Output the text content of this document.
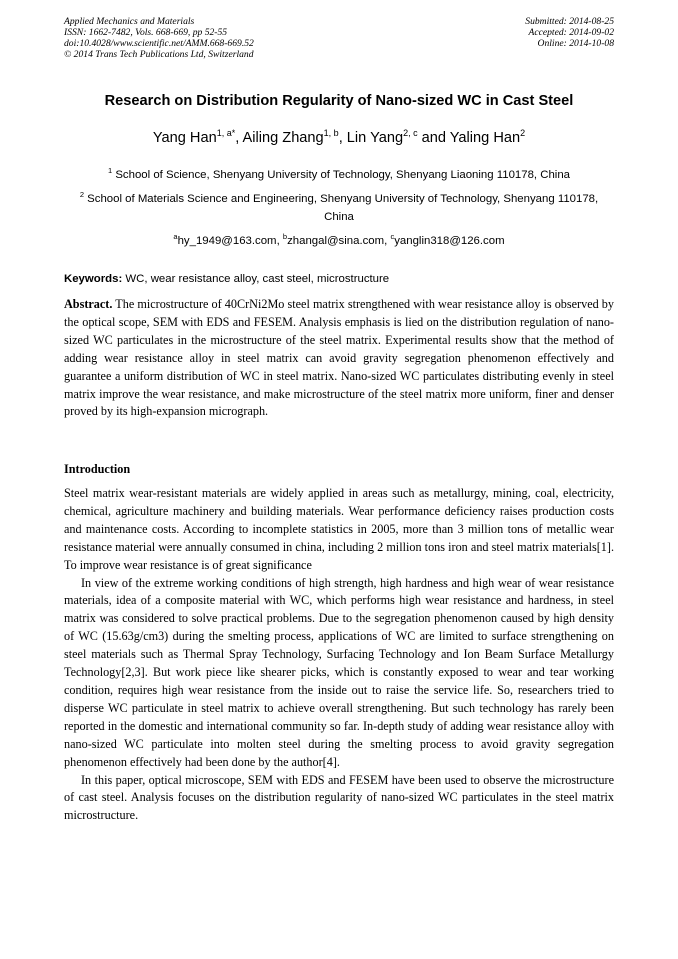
Applied Mechanics and Materials
ISSN: 1662-7482, Vols. 668-669, pp 52-55
doi:10.4028/www.scientific.net/AMM.668-669.52
© 2014 Trans Tech Publications Ltd, Switzerland
Submitted: 2014-08-25
Accepted: 2014-09-02
Online: 2014-10-08
Research on Distribution Regularity of Nano-sized WC in Cast Steel
Yang Han$^{1, a*}$, Ailing Zhang$^{1, b}$, Lin Yang$^{2, c}$ and Yaling Han$^2$
$^1$ School of Science, Shenyang University of Technology, Shenyang Liaoning 110178, China
$^2$ School of Materials Science and Engineering, Shenyang University of Technology, Shenyang 110178, China
$^a$hy_1949@163.com, $^b$zhangal@sina.com, $^c$yanglin318@126.com
Keywords: WC, wear resistance alloy, cast steel, microstructure
Abstract. The microstructure of 40CrNi2Mo steel matrix strengthened with wear resistance alloy is observed by the optical scope, SEM with EDS and FESEM. Analysis emphasis is lied on the distribution regulation of nano-sized WC particulates in the microstructure of the steel matrix. Experimental results show that the method of adding wear resistance alloy in steel matrix can avoid gravity segregation phenomenon effectively and guarantee a uniform distribution of WC in steel matrix. Nano-sized WC particulates distributing evenly in steel matrix improve the wear resistance, and make microstructure of the steel matrix more uniform, finer and denser proved by its high-expansion micrograph.
Introduction

Steel matrix wear-resistant materials are widely applied in areas such as metallurgy, mining, coal, electricity, chemical, agriculture machinery and building materials. Wear performance deficiency raises production costs and maintenance costs. According to incomplete statistics in 2005, more than 3 million tons of metallic wear resistance material were annually consumed in china, including 2 million tons iron and steel matrix materials[1]. To improve wear resistance is of great significance

In view of the extreme working conditions of high strength, high hardness and high wear of wear resistance materials, idea of a composite material with WC, which performs high wear resistance and hardness, in steel matrix was considered to solve practical problems. Due to the segregation phenomenon caused by high density of WC (15.63g/cm3) during the smelting process, applications of WC are limited to surface strengthening on steel materials such as Thermal Spray Technology, Surfacing Technology and Ion Beam Surface Metallurgy Technology[2,3]. But work piece like shearer picks, which is constantly exposed to wear and tear working condition, requires high wear resistance from the inside out to raise the service life. So, researchers tried to disperse WC particulate in steel matrix to achieve overall strengthening. But such technology has rarely been reported in the domestic and international community so far. In-depth study of adding wear resistance alloy with nano-sized WC particulate into molten steel during the smelting process to avoid gravity segregation phenomenon effectively had been done by the author[4].

In this paper, optical microscope, SEM with EDS and FESEM have been used to observe the microstructure of cast steel. Analysis focuses on the distribution regularity of nano-sized WC particulates in the steel matrix microstructure.
